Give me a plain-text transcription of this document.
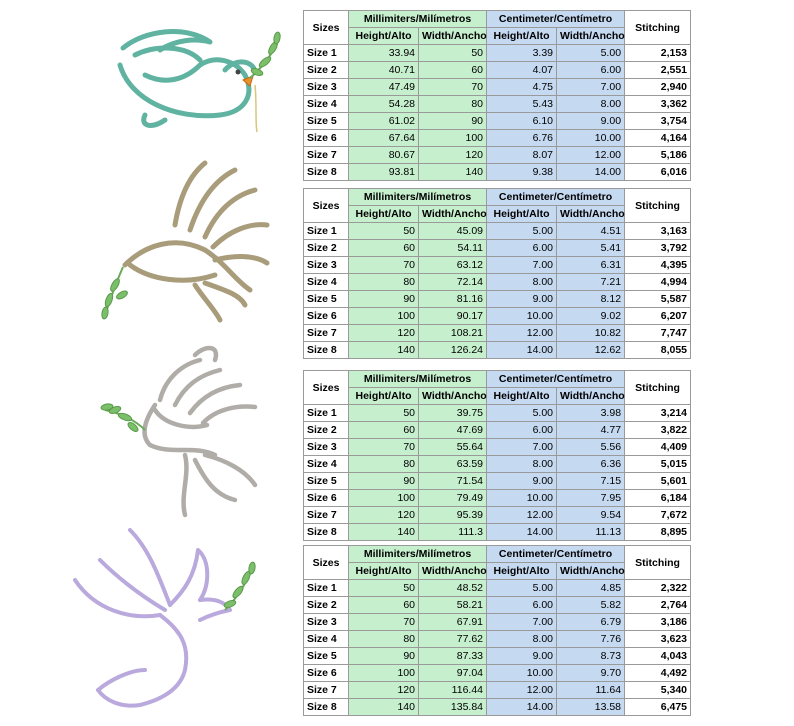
Sizes	Millimiters/Milímetros		Centimeter/Centímetro		Stitching
	Height/Alto	Width/Ancho	Height/Alto	Width/Ancho	
Size 1	33.94	50	3.39	5.00	2,153
Size 2	40.71	60	4.07	6.00	2,551
Size 3	47.49	70	4.75	7.00	2,940
Size 4	54.28	80	5.43	8.00	3,362
Size 5	61.02	90	6.10	9.00	3,754
Size 6	67.64	100	6.76	10.00	4,164
Size 7	80.67	120	8.07	12.00	5,186
Size 8	93.81	140	9.38	14.00	6,016
Sizes	Millimiters/Milímetros		Centimeter/Centímetro		Stitching
	Height/Alto	Width/Ancho	Height/Alto	Width/Ancho	
Size 1	50	45.09	5.00	4.51	3,163
Size 2	60	54.11	6.00	5.41	3,792
Size 3	70	63.12	7.00	6.31	4,395
Size 4	80	72.14	8.00	7.21	4,994
Size 5	90	81.16	9.00	8.12	5,587
Size 6	100	90.17	10.00	9.02	6,207
Size 7	120	108.21	12.00	10.82	7,747
Size 8	140	126.24	14.00	12.62	8,055
Sizes	Millimiters/Milímetros		Centimeter/Centímetro		Stitching
	Height/Alto	Width/Ancho	Height/Alto	Width/Ancho	
Size 1	50	39.75	5.00	3.98	3,214
Size 2	60	47.69	6.00	4.77	3,822
Size 3	70	55.64	7.00	5.56	4,409
Size 4	80	63.59	8.00	6.36	5,015
Size 5	90	71.54	9.00	7.15	5,601
Size 6	100	79.49	10.00	7.95	6,184
Size 7	120	95.39	12.00	9.54	7,672
Size 8	140	111.3	14.00	11.13	8,895
Sizes	Millimiters/Milímetros		Centimeter/Centímetro		Stitching
	Height/Alto	Width/Ancho	Height/Alto	Width/Ancho	
Size 1	50	48.52	5.00	4.85	2,322
Size 2	60	58.21	6.00	5.82	2,764
Size 3	70	67.91	7.00	6.79	3,186
Size 4	80	77.62	8.00	7.76	3,623
Size 5	90	87.33	9.00	8.73	4,043
Size 6	100	97.04	10.00	9.70	4,492
Size 7	120	116.44	12.00	11.64	5,340
Size 8	140	135.84	14.00	13.58	6,475
